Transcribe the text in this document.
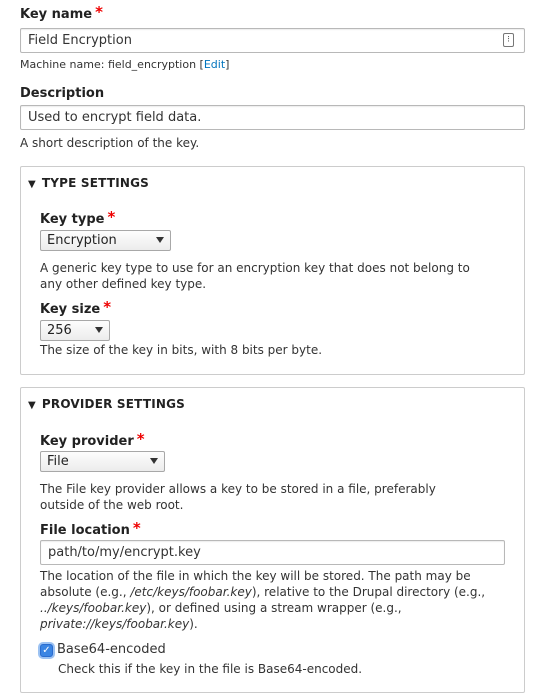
Key name *
Field Encryption	⁝
Machine name: field_encryption [Edit]
Description
Used to encrypt field data.
A short description of the key.
▼ TYPE SETTINGS
Key type *
Encryption
A generic key type to use for an encryption key that does not belong to
any other defined key type.
Key size *
256
The size of the key in bits, with 8 bits per byte.
▼ PROVIDER SETTINGS
Key provider *
File
The File key provider allows a key to be stored in a file, preferably
outside of the web root.
File location *
path/to/my/encrypt.key
The location of the file in which the key will be stored. The path may be
absolute (e.g., /etc/keys/foobar.key), relative to the Drupal directory (e.g.,
../keys/foobar.key), or defined using a stream wrapper (e.g.,
private://keys/foobar.key).
✓ Base64-encoded
Check this if the key in the file is Base64-encoded.
